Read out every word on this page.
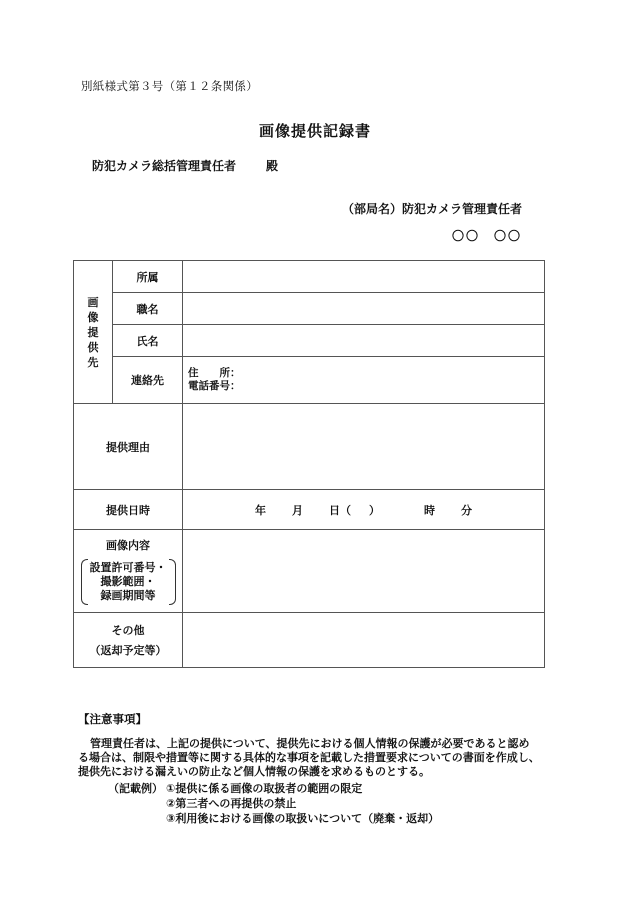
別紙様式第３号（第１２条関係）
画像提供記録書
防犯カメラ総括管理責任者	殿
（部局名）防犯カメラ管理責任者
〇〇　〇〇
画
像
提
供
先	所属	
	職名	
	氏名	
	連絡先	住　　所：
電話番号：

提供理由		
提供日時		年 月 日（ ） 時 分

画像内容
設置許可番号・
撮影範囲・
録画期間等		

その他
（返却予定等）		

【注意事項】
管理責任者は、上記の提供について、提供先における個人情報の保護が必要であると認める場合は、制限や措置等に関する具体的な事項を記載した措置要求についての書面を作成し、提供先における漏えいの防止など個人情報の保護を求めるものとする。
（記載例） ①提供に係る画像の取扱者の範囲の限定
②第三者への再提供の禁止
③利用後における画像の取扱いについて（廃棄・返却）
